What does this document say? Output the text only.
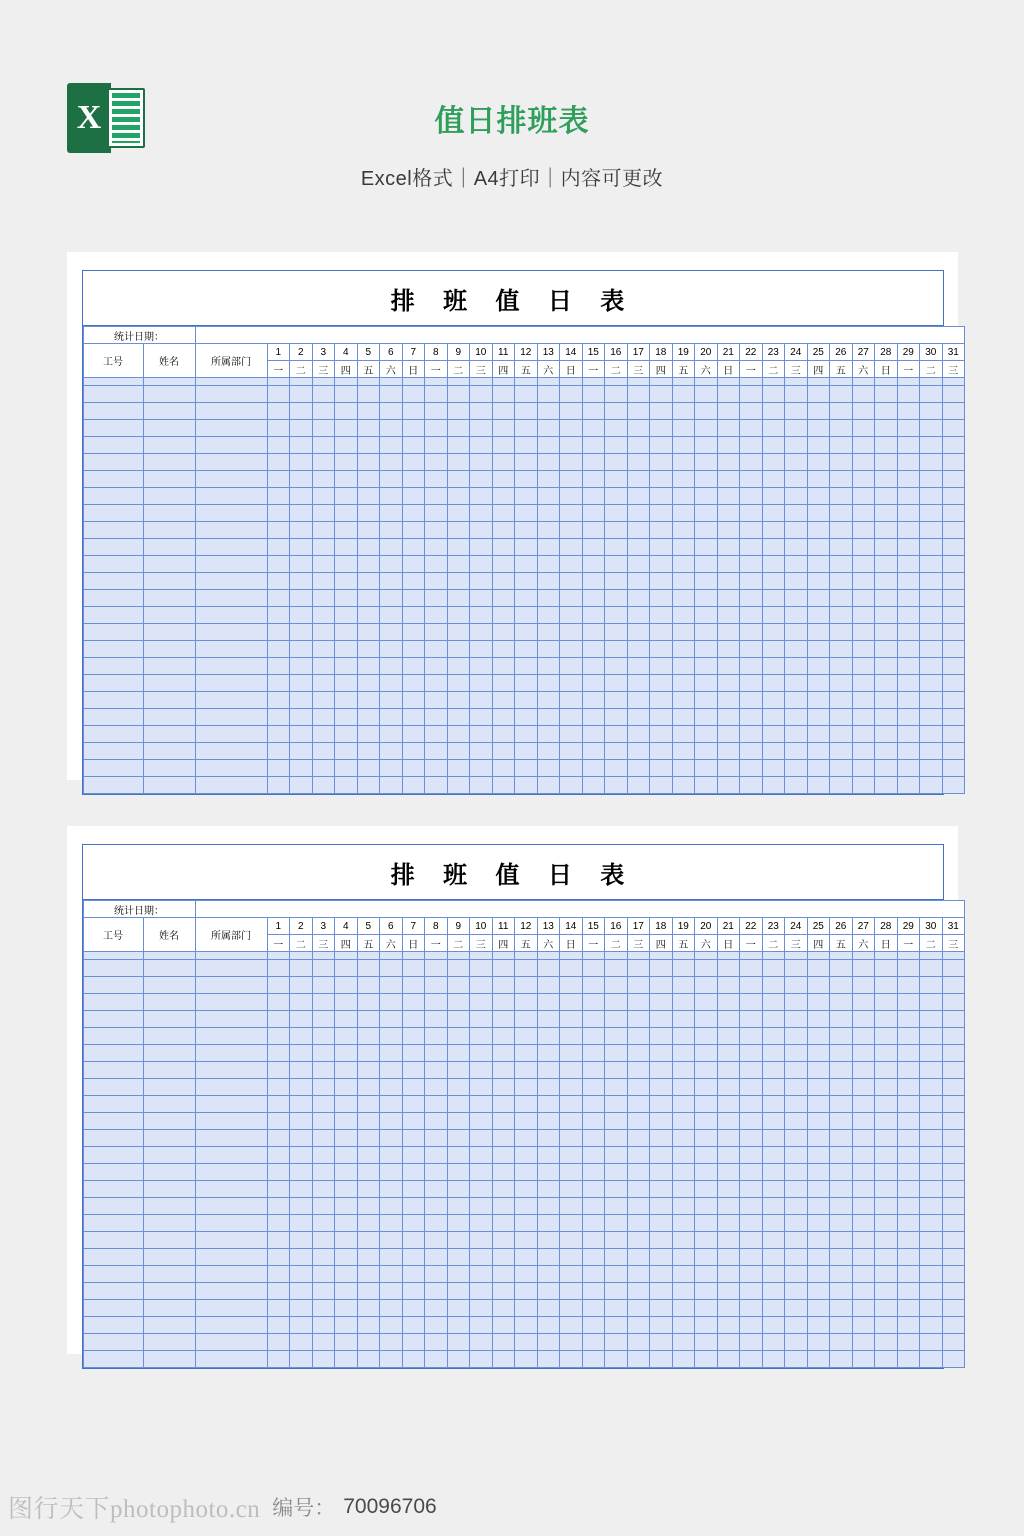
X	值日排班表
Excel格式｜A4打印｜内容可更改
排 班 值 日 表
统计日期：																																	
工号	姓名	所属部门	1	2	3	4	5	6	7	8	9	10	11	12	13	14	15	16	17	18	19	20	21	22	23	24	25	26	27	28	29	30	31
			一	二	三	四	五	六	日	一	二	三	四	五	六	日	一	二	三	四	五	六	日	一	二	三	四	五	六	日	一	二	三

排 班 值 日 表
统计日期：																																	
工号	姓名	所属部门	1	2	3	4	5	6	7	8	9	10	11	12	13	14	15	16	17	18	19	20	21	22	23	24	25	26	27	28	29	30	31
			一	二	三	四	五	六	日	一	二	三	四	五	六	日	一	二	三	四	五	六	日	一	二	三	四	五	六	日	一	二	三

图行天下photophoto.cn 编号： 70096706
